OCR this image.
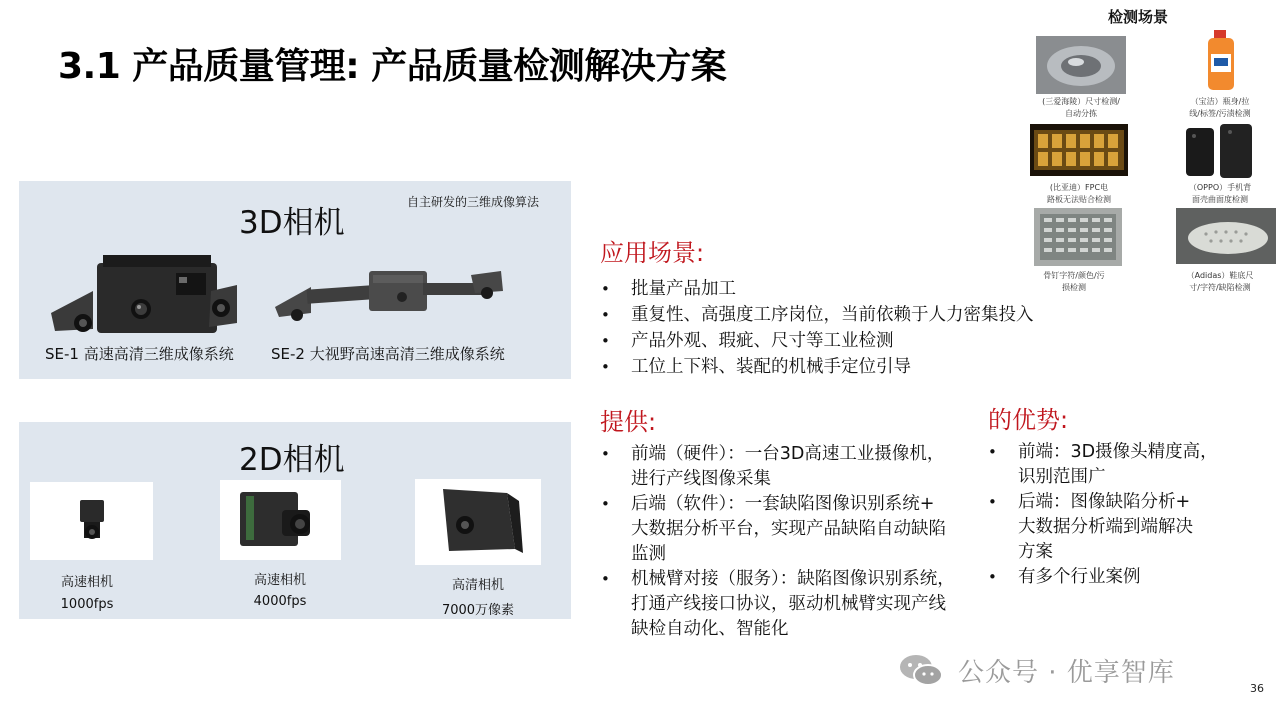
3.1 产品质量管理: 产品质量检测解决方案
3D相机
自主研发的三维成像算法
SE-1 高速高清三维成像系统 SE-2 大视野高速高清三维成像系统
2D相机
高速相机
1000fps
高速相机
4000fps
高清相机
7000万像素
应用场景:
• 批量产品加工
• 重复性、高强度工序岗位，当前依赖于人力密集投入
• 产品外观、瑕疵、尺寸等工业检测
• 工位上下料、装配的机械手定位引导
提供:
• 前端（硬件）：一台3D高速工业摄像机，
进行产线图像采集
• 后端（软件）：一套缺陷图像识别系统+
大数据分析平台，实现产品缺陷自动缺陷
监测
• 机械臂对接（服务）：缺陷图像识别系统，
打通产线接口协议，驱动机械臂实现产线
缺检自动化、智能化
的优势:
• 前端：3D摄像头精度高，
识别范围广
• 后端：图像缺陷分析+
大数据分析端到端解决
方案
• 有多个行业案例
检测场景
(三爱海陵）尺寸检测/
自动分拣
（宝洁）瓶身/拉
线/标签/污渍检测
(比亚迪）FPC电
路板无法贴合检测
（OPPO）手机背
面壳曲面度检测
骨钉字符/颜色/污
损检测
（Adidas）鞋底尺
寸/字符/缺陷检测
公众号 · 优享智库
36
